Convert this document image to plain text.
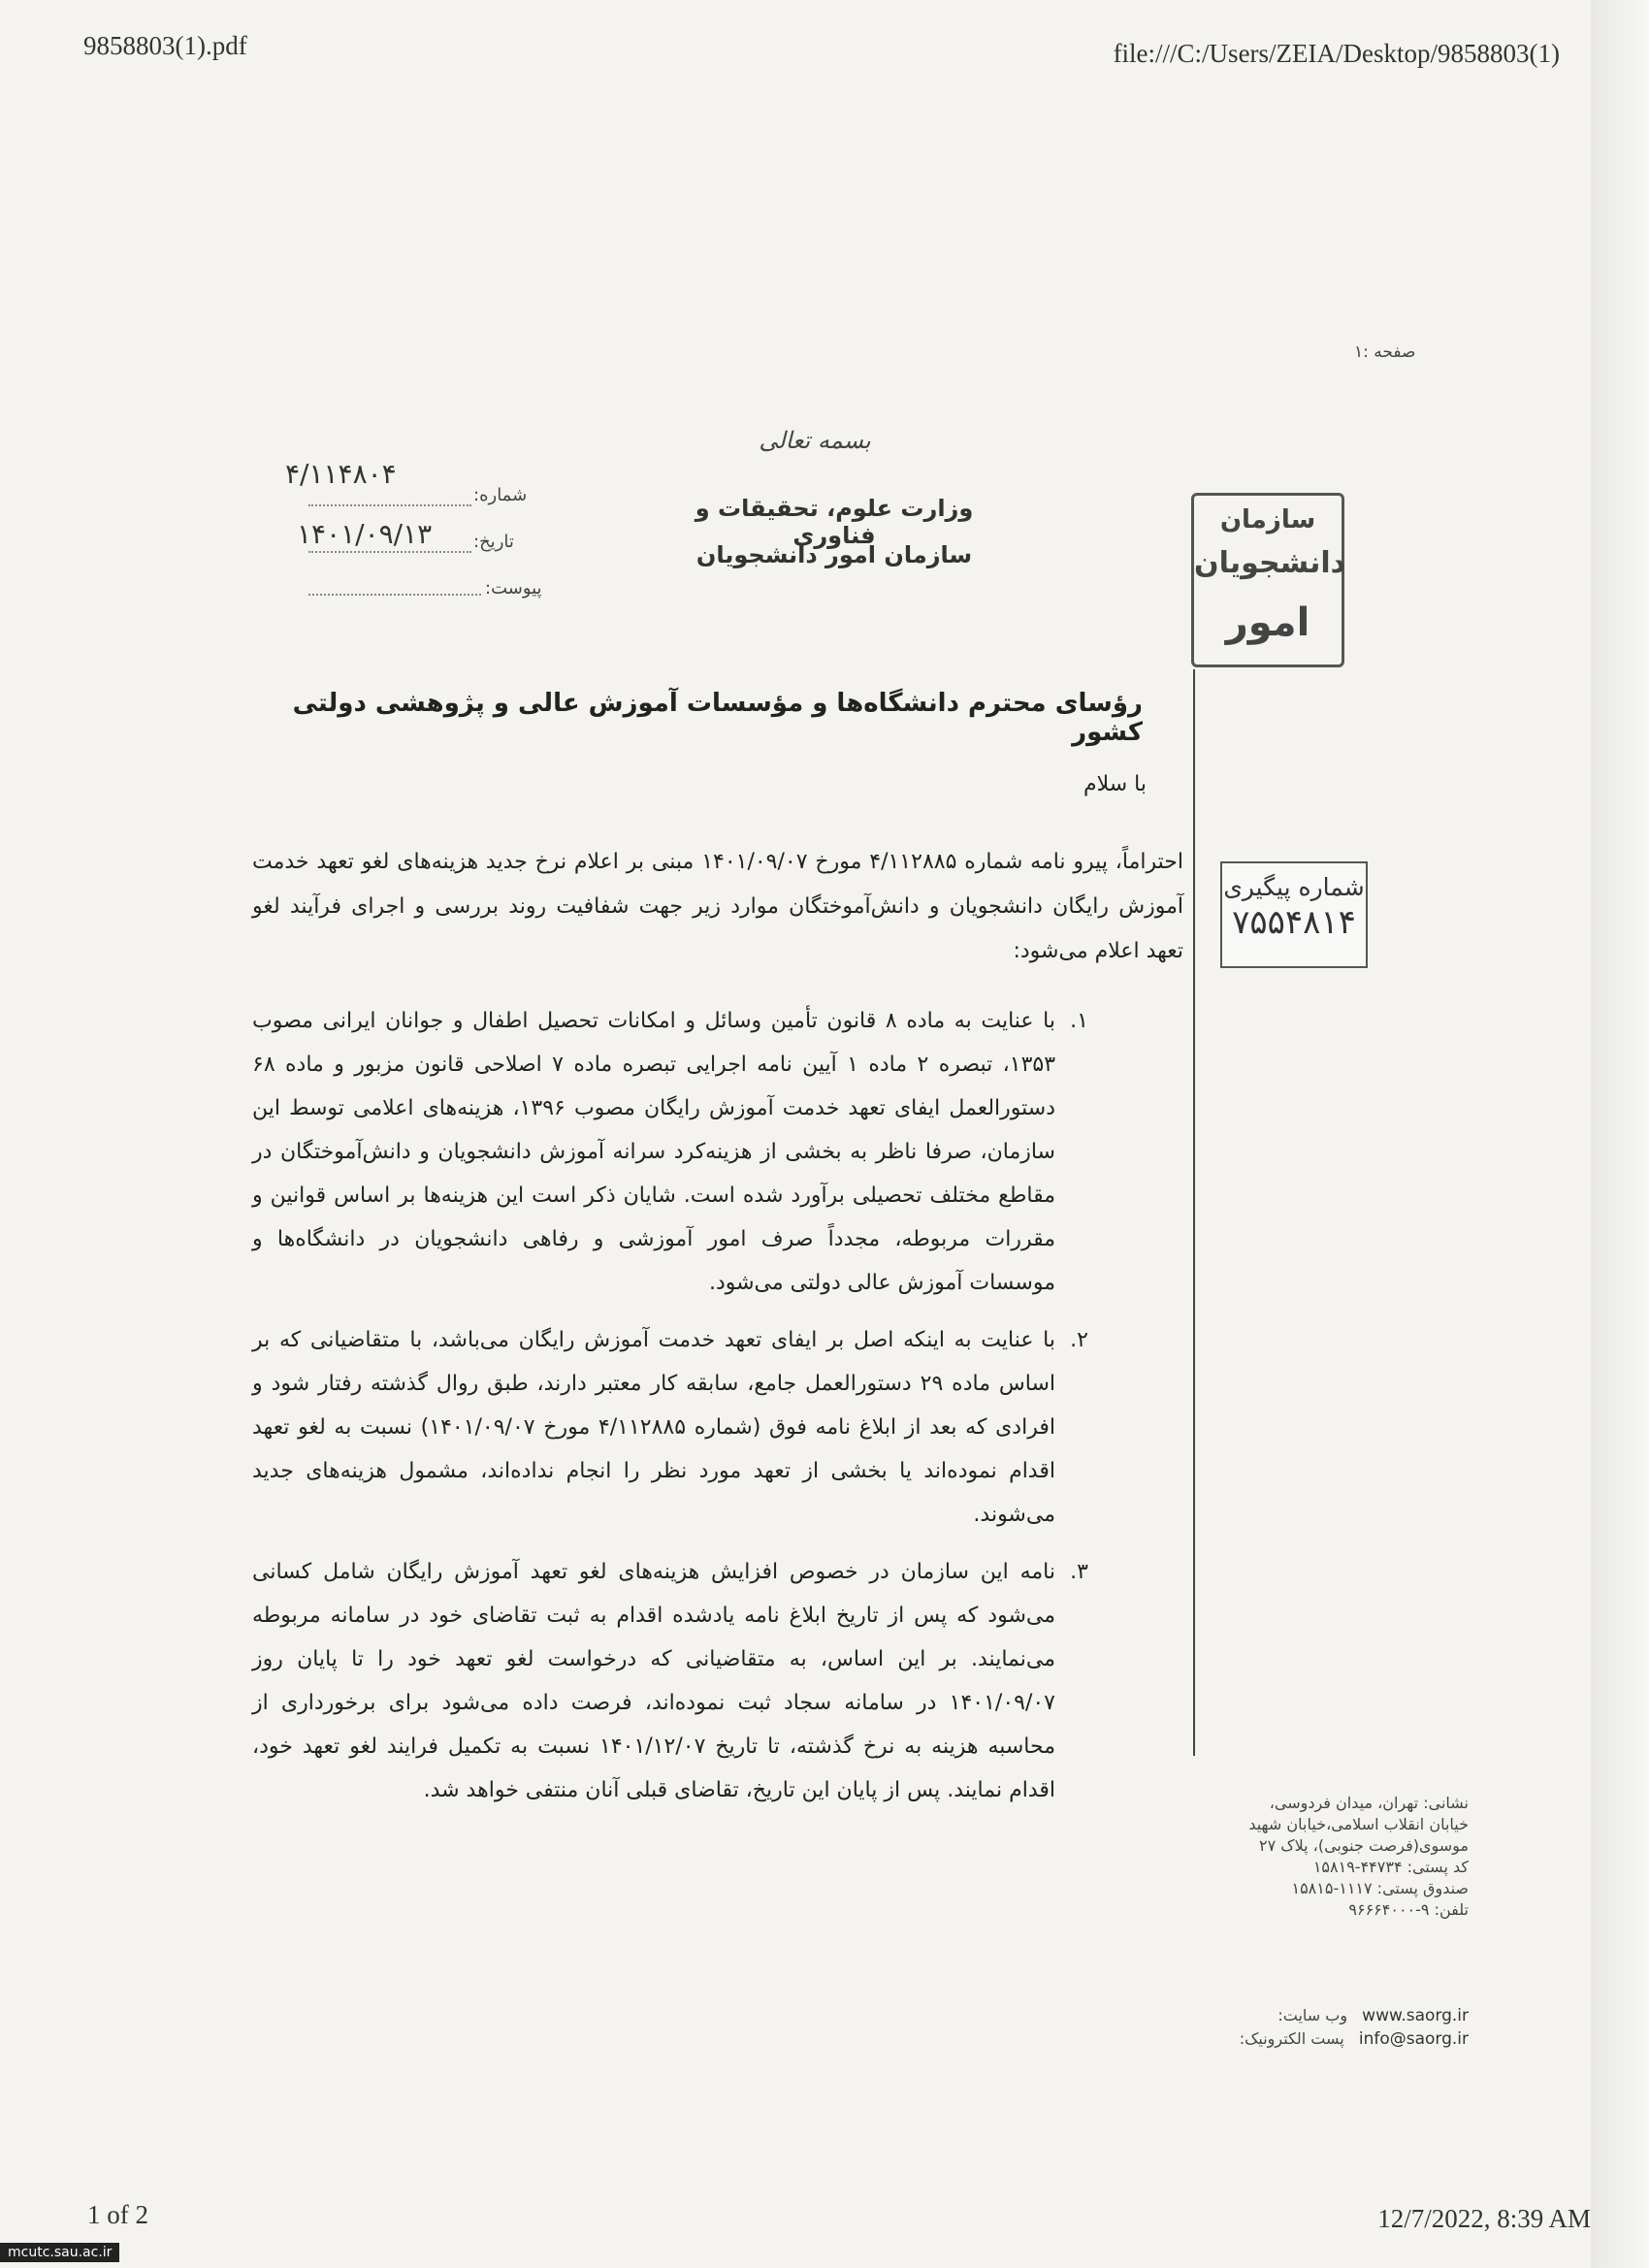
9858803(1).pdf	file:///C:/Users/ZEIA/Desktop/9858803(1)
صفحه :۱
بسمه تعالی
وزارت علوم، تحقیقات و فناوری
سازمان امور دانشجویان
شماره:
۴/۱۱۴۸۰۴
تاریخ:
۱۴۰۱/۰۹/۱۳
پیوست:
سازمان
دانشجویان
امور
شماره پیگیری
۷۵۵۴۸۱۴
رؤسای محترم دانشگاه‌ها و مؤسسات آموزش عالی و پژوهشی دولتی کشور
با سلام
احتراماً، پیرو نامه شماره ۴/۱۱۲۸۸۵ مورخ ۱۴۰۱/۰۹/۰۷ مبنی بر اعلام نرخ جدید هزینه‌های لغو تعهد خدمت آموزش رایگان دانشجویان و دانش‌آموختگان موارد زیر جهت شفافیت روند بررسی و اجرای فرآیند لغو تعهد اعلام می‌شود:
۱.
با عنایت به ماده ۸ قانون تأمین وسائل و امکانات تحصیل اطفال و جوانان ایرانی مصوب ۱۳۵۳، تبصره ۲ ماده ۱ آیین نامه اجرایی تبصره ماده ۷ اصلاحی قانون مزبور و ماده ۶۸ دستورالعمل ایفای تعهد خدمت آموزش رایگان مصوب ۱۳۹۶، هزینه‌های اعلامی توسط این سازمان، صرفا ناظر به بخشی از هزینه‌کرد سرانه آموزش دانشجویان و دانش‌آموختگان در مقاطع مختلف تحصیلی برآورد شده است. شایان ذکر است این هزینه‌ها بر اساس قوانین و مقررات مربوطه، مجدداً صرف امور آموزشی و رفاهی دانشجویان در دانشگاه‌ها و موسسات آموزش عالی دولتی می‌شود.
۲.
با عنایت به اینکه اصل بر ایفای تعهد خدمت آموزش رایگان می‌باشد، با متقاضیانی که بر اساس ماده ۲۹ دستورالعمل جامع، سابقه کار معتبر دارند، طبق روال گذشته رفتار شود و افرادی که بعد از ابلاغ نامه فوق (شماره ۴/۱۱۲۸۸۵ مورخ ۱۴۰۱/۰۹/۰۷) نسبت به لغو تعهد اقدام نموده‌اند یا بخشی از تعهد مورد نظر را انجام نداده‌اند، مشمول هزینه‌های جدید می‌شوند.
۳.
نامه این سازمان در خصوص افزایش هزینه‌های لغو تعهد آموزش رایگان شامل کسانی می‌شود که پس از تاریخ ابلاغ نامه یادشده اقدام به ثبت تقاضای خود در سامانه مربوطه می‌نمایند. بر این اساس، به متقاضیانی که درخواست لغو تعهد خود را تا پایان روز ۱۴۰۱/۰۹/۰۷ در سامانه سجاد ثبت نموده‌اند، فرصت داده می‌شود برای برخورداری از محاسبه هزینه به نرخ گذشته، تا تاریخ ۱۴۰۱/۱۲/۰۷ نسبت به تکمیل فرایند لغو تعهد خود، اقدام نمایند. پس از پایان این تاریخ، تقاضای قبلی آنان منتفی خواهد شد.
نشانی: تهران، میدان فردوسی،
خیابان انقلاب اسلامی،خیابان شهید
موسوی(فرصت جنوبی)، پلاک ۲۷
کد پستی: ۴۴۷۳۴-۱۵۸۱۹
صندوق پستی: ۱۱۱۷-۱۵۸۱۵
تلفن: ۹-۹۶۶۶۴۰۰۰
وب سایت: www.saorg.ir
پست الکترونیک: info@saorg.ir
1 of 2	12/7/2022, 8:39 AM
mcutc.sau.ac.ir
